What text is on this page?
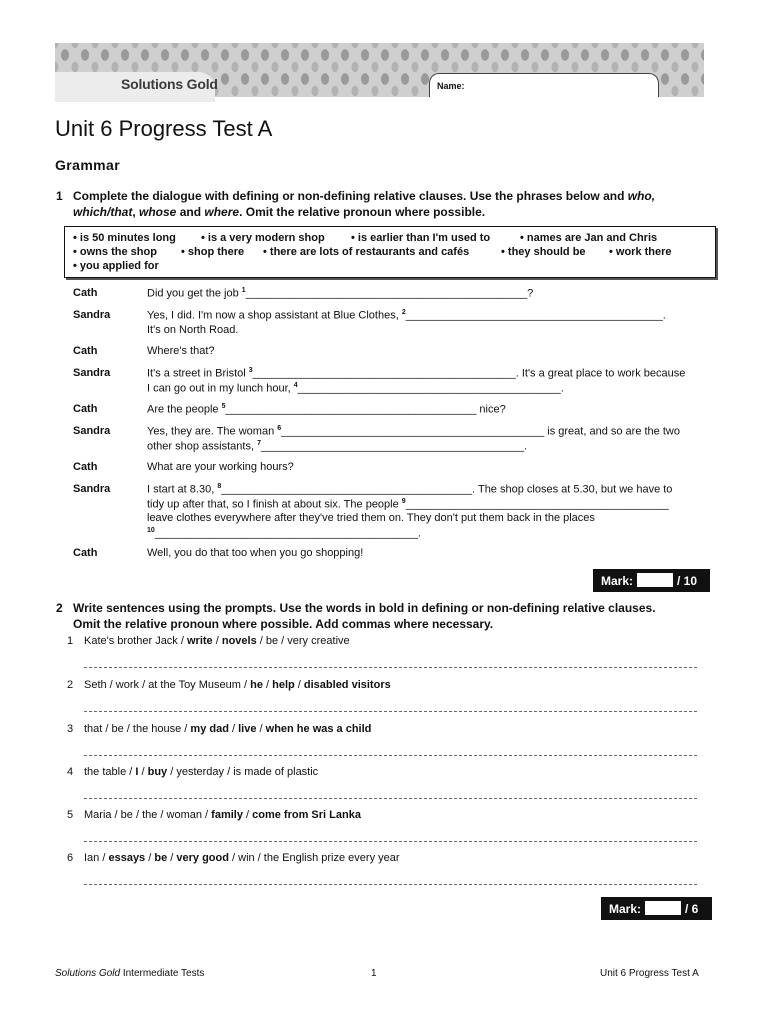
Solutions Gold	Name:
Unit 6 Progress Test A
Grammar
1 Complete the dialogue with defining or non-defining relative clauses. Use the phrases below and who,
which/that, whose and where. Omit the relative pronoun where possible.
• is 50 minutes long • is a very modern shop • is earlier than I'm used to	• names are Jan and Chris
• owns the shop • shop there • there are lots of restaurants and cafés	• they should be • work there
• you applied for
Cath	Did you get the job $^1$______________________________________________?
Sandra	Yes, I did. I'm now a shop assistant at Blue Clothes, $^2$__________________________________________.
It's on North Road.
Cath	Where's that?
Sandra	It's a street in Bristol $^3$___________________________________________. It's a great place to work because
I can go out in my lunch hour, $^4$___________________________________________.
Cath	Are the people $^5$_________________________________________ nice?
Sandra	Yes, they are. The woman $^6$___________________________________________ is great, and so are the two
other shop assistants, $^7$___________________________________________.
Cath	What are your working hours?
Sandra	I start at 8.30, $^8$_________________________________________. The shop closes at 5.30, but we have to
tidy up after that, so I finish at about six. The people $^9$___________________________________________
leave clothes everywhere after they've tried them on. They don't put them back in the places
$^{10}$___________________________________________.
Cath	Well, you do that too when you go shopping!
Mark:	/ 10
2 Write sentences using the prompts. Use the words in bold in defining or non-defining relative clauses.
Omit the relative pronoun where possible. Add commas where necessary.
1 Kate's brother Jack / write / novels / be / very creative
2 Seth / work / at the Toy Museum / he / help / disabled visitors
3 that / be / the house / my dad / live / when he was a child
4 the table / I / buy / yesterday / is made of plastic
5 Maria / be / the / woman / family / come from Sri Lanka
6 Ian / essays / be / very good / win / the English prize every year
Mark:	/ 6
Solutions Gold Intermediate Tests	1	Unit 6 Progress Test A
